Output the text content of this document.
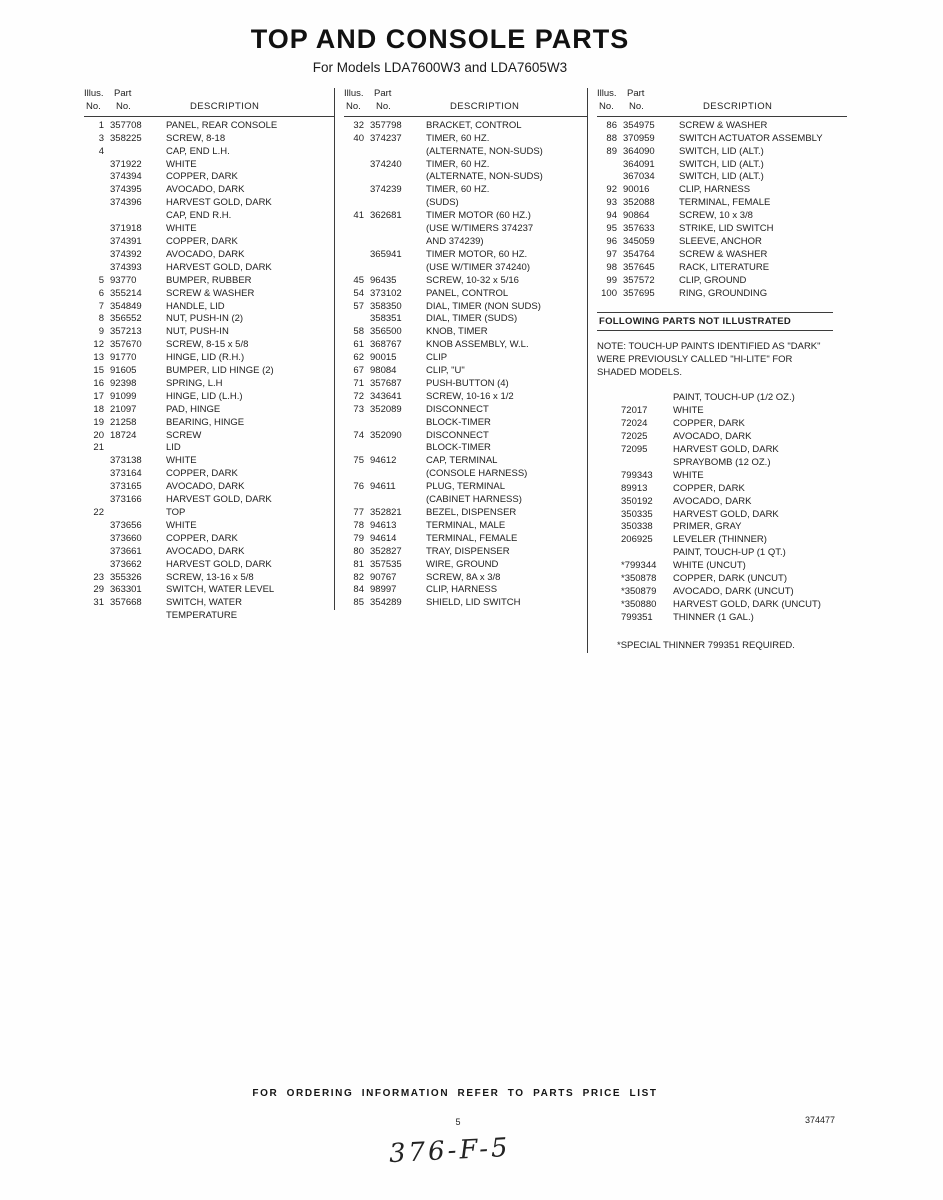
TOP AND CONSOLE PARTS
For Models LDA7600W3 and LDA7605W3
Illus. Part
No. No.	DESCRIPTION
1 357708	PANEL, REAR CONSOLE
3 358225	SCREW, 8-18
4	CAP, END L.H.
371922	WHITE
374394	COPPER, DARK
374395	AVOCADO, DARK
374396	HARVEST GOLD, DARK
CAP, END R.H.
371918	WHITE
374391	COPPER, DARK
374392	AVOCADO, DARK
374393	HARVEST GOLD, DARK
5 93770	BUMPER, RUBBER
6 355214	SCREW & WASHER
7 354849	HANDLE, LID
8 356552	NUT, PUSH-IN (2)
9 357213	NUT, PUSH-IN
12 357670	SCREW, 8-15 x 5/8
13 91770	HINGE, LID (R.H.)
15 91605	BUMPER, LID HINGE (2)
16 92398	SPRING, L.H
17 91099	HINGE, LID (L.H.)
18 21097	PAD, HINGE
19 21258	BEARING, HINGE
20 18724	SCREW
21	LID
373138	WHITE
373164	COPPER, DARK
373165	AVOCADO, DARK
373166	HARVEST GOLD, DARK
22	TOP
373656	WHITE
373660	COPPER, DARK
373661	AVOCADO, DARK
373662	HARVEST GOLD, DARK
23 355326	SCREW, 13-16 x 5/8
29 363301	SWITCH, WATER LEVEL
31 357668	SWITCH, WATER
TEMPERATURE
Illus. Part
No. No.	DESCRIPTION
32 357798	BRACKET, CONTROL
40 374237	TIMER, 60 HZ.
(ALTERNATE, NON-SUDS)
374240	TIMER, 60 HZ.
(ALTERNATE, NON-SUDS)
374239	TIMER, 60 HZ.
(SUDS)
41 362681	TIMER MOTOR (60 HZ.)
(USE W/TIMERS 374237
AND 374239)
365941	TIMER MOTOR, 60 HZ.
(USE W/TIMER 374240)
45 96435	SCREW, 10-32 x 5/16
54 373102	PANEL, CONTROL
57 358350	DIAL, TIMER (NON SUDS)
358351	DIAL, TIMER (SUDS)
58 356500	KNOB, TIMER
61 368767	KNOB ASSEMBLY, W.L.
62 90015	CLIP
67 98084	CLIP, "U"
71 357687	PUSH-BUTTON (4)
72 343641	SCREW, 10-16 x 1/2
73 352089	DISCONNECT
BLOCK-TIMER
74 352090	DISCONNECT
BLOCK-TIMER
75 94612	CAP, TERMINAL
(CONSOLE HARNESS)
76 94611	PLUG, TERMINAL
(CABINET HARNESS)
77 352821	BEZEL, DISPENSER
78 94613	TERMINAL, MALE
79 94614	TERMINAL, FEMALE
80 352827	TRAY, DISPENSER
81 357535	WIRE, GROUND
82 90767	SCREW, 8A x 3/8
84 98997	CLIP, HARNESS
85 354289	SHIELD, LID SWITCH
Illus. Part
No. No.	DESCRIPTION
86 354975	SCREW & WASHER
88 370959	SWITCH ACTUATOR ASSEMBLY
89 364090	SWITCH, LID (ALT.)
364091	SWITCH, LID (ALT.)
367034	SWITCH, LID (ALT.)
92 90016	CLIP, HARNESS
93 352088	TERMINAL, FEMALE
94 90864	SCREW, 10 x 3/8
95 357633	STRIKE, LID SWITCH
96 345059	SLEEVE, ANCHOR
97 354764	SCREW & WASHER
98 357645	RACK, LITERATURE
99 357572	CLIP, GROUND
100 357695	RING, GROUNDING
FOLLOWING PARTS NOT ILLUSTRATED
NOTE: TOUCH-UP PAINTS IDENTIFIED AS "DARK" WERE PREVIOUSLY CALLED "HI-LITE" FOR SHADED MODELS.
PAINT, TOUCH-UP (1/2 OZ.)
72017	WHITE
72024	COPPER, DARK
72025	AVOCADO, DARK
72095	HARVEST GOLD, DARK
SPRAYBOMB (12 OZ.)
799343	WHITE
89913	COPPER, DARK
350192	AVOCADO, DARK
350335	HARVEST GOLD, DARK
350338	PRIMER, GRAY
206925	LEVELER (THINNER)
PAINT, TOUCH-UP (1 QT.)
*799344	WHITE (UNCUT)
*350878	COPPER, DARK (UNCUT)
*350879	AVOCADO, DARK (UNCUT)
*350880	HARVEST GOLD, DARK (UNCUT)
799351	THINNER (1 GAL.)
*SPECIAL THINNER 799351 REQUIRED.
FOR ORDERING INFORMATION REFER TO PARTS PRICE LIST
5	374477
376-F-5
